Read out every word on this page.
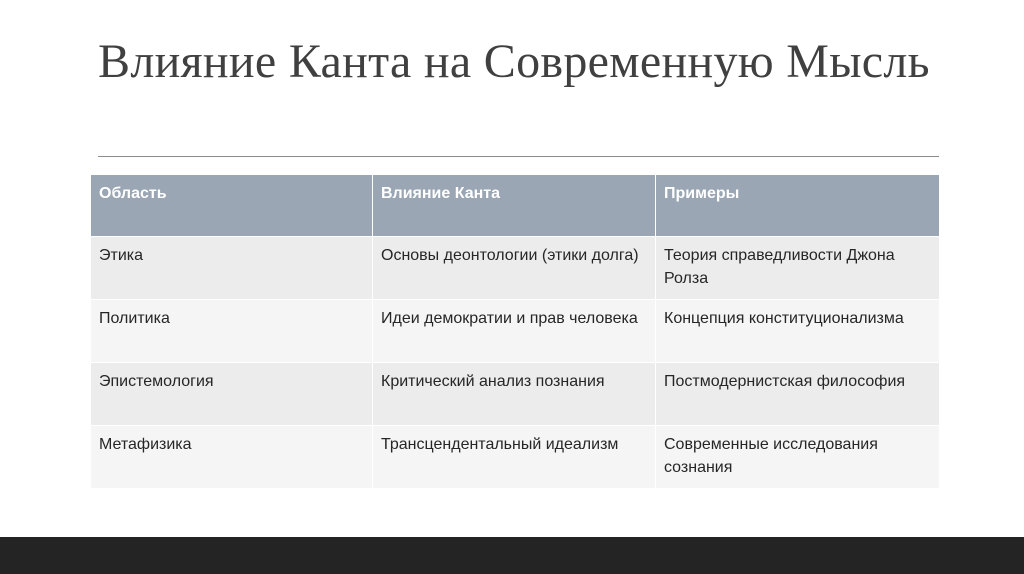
Влияние Канта на Современную Мысль
Область	Влияние Канта	Примеры
Этика	Основы деонтологии (этики долга)	Теория справедливости Джона Ролза
Политика	Идеи демократии и прав человека	Концепция конституционализма
Эпистемология	Критический анализ познания	Постмодернистская философия
Метафизика	Трансцендентальный идеализм	Современные исследования сознания
